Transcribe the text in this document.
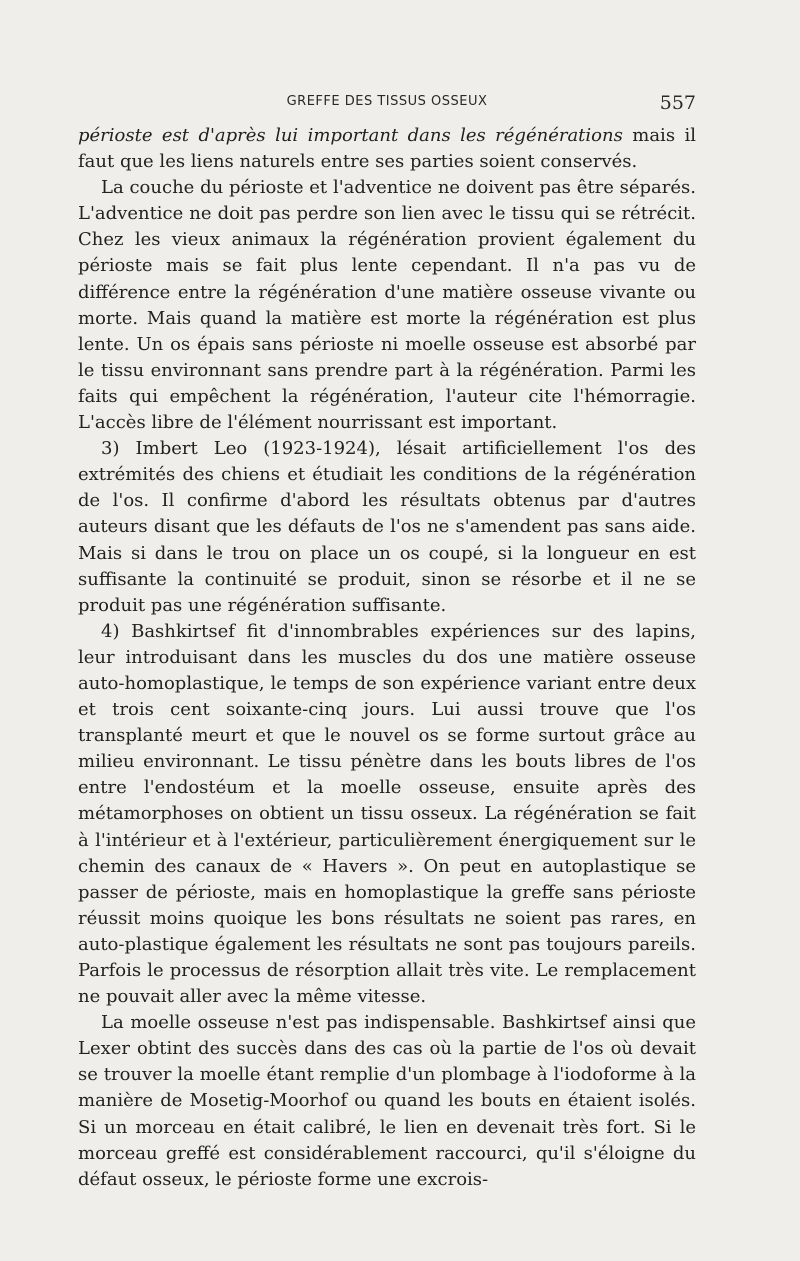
GREFFE DES TISSUS OSSEUX	557

périoste est d'après lui important dans les régénérations mais il faut que les liens naturels entre ses parties soient conservés.

La couche du périoste et l'adventice ne doivent pas être séparés. L'adventice ne doit pas perdre son lien avec le tissu qui se rétrécit. Chez les vieux animaux la régénération provient également du périoste mais se fait plus lente cependant. Il n'a pas vu de différence entre la régénération d'une matière osseuse vivante ou morte. Mais quand la matière est morte la régénération est plus lente. Un os épais sans périoste ni moelle osseuse est absorbé par le tissu environnant sans prendre part à la régénération. Parmi les faits qui empêchent la régénération, l'auteur cite l'hémorragie. L'accès libre de l'élément nourrissant est important.

3) Imbert Leo (1923-1924), lésait artificiellement l'os des extrémités des chiens et étudiait les conditions de la régénération de l'os. Il confirme d'abord les résultats obtenus par d'autres auteurs disant que les défauts de l'os ne s'amendent pas sans aide. Mais si dans le trou on place un os coupé, si la longueur en est suffisante la continuité se produit, sinon se résorbe et il ne se produit pas une régénération suffisante.

4) Bashkirtsef fit d'innombrables expériences sur des lapins, leur introduisant dans les muscles du dos une matière osseuse auto-homoplastique, le temps de son expérience variant entre deux et trois cent soixante-cinq jours. Lui aussi trouve que l'os transplanté meurt et que le nouvel os se forme surtout grâce au milieu environnant. Le tissu pénètre dans les bouts libres de l'os entre l'endostéum et la moelle osseuse, ensuite après des métamorphoses on obtient un tissu osseux. La régénération se fait à l'intérieur et à l'extérieur, particulièrement énergiquement sur le chemin des canaux de « Havers ». On peut en autoplastique se passer de périoste, mais en homoplastique la greffe sans périoste réussit moins quoique les bons résultats ne soient pas rares, en auto-plastique également les résultats ne sont pas toujours pareils. Parfois le processus de résorption allait très vite. Le remplacement ne pouvait aller avec la même vitesse.

La moelle osseuse n'est pas indispensable. Bashkirtsef ainsi que Lexer obtint des succès dans des cas où la partie de l'os où devait se trouver la moelle étant remplie d'un plombage à l'iodoforme à la manière de Mosetig-Moorhof ou quand les bouts en étaient isolés. Si un morceau en était calibré, le lien en devenait très fort. Si le morceau greffé est considérablement raccourci, qu'il s'éloigne du défaut osseux, le périoste forme une excrois-
